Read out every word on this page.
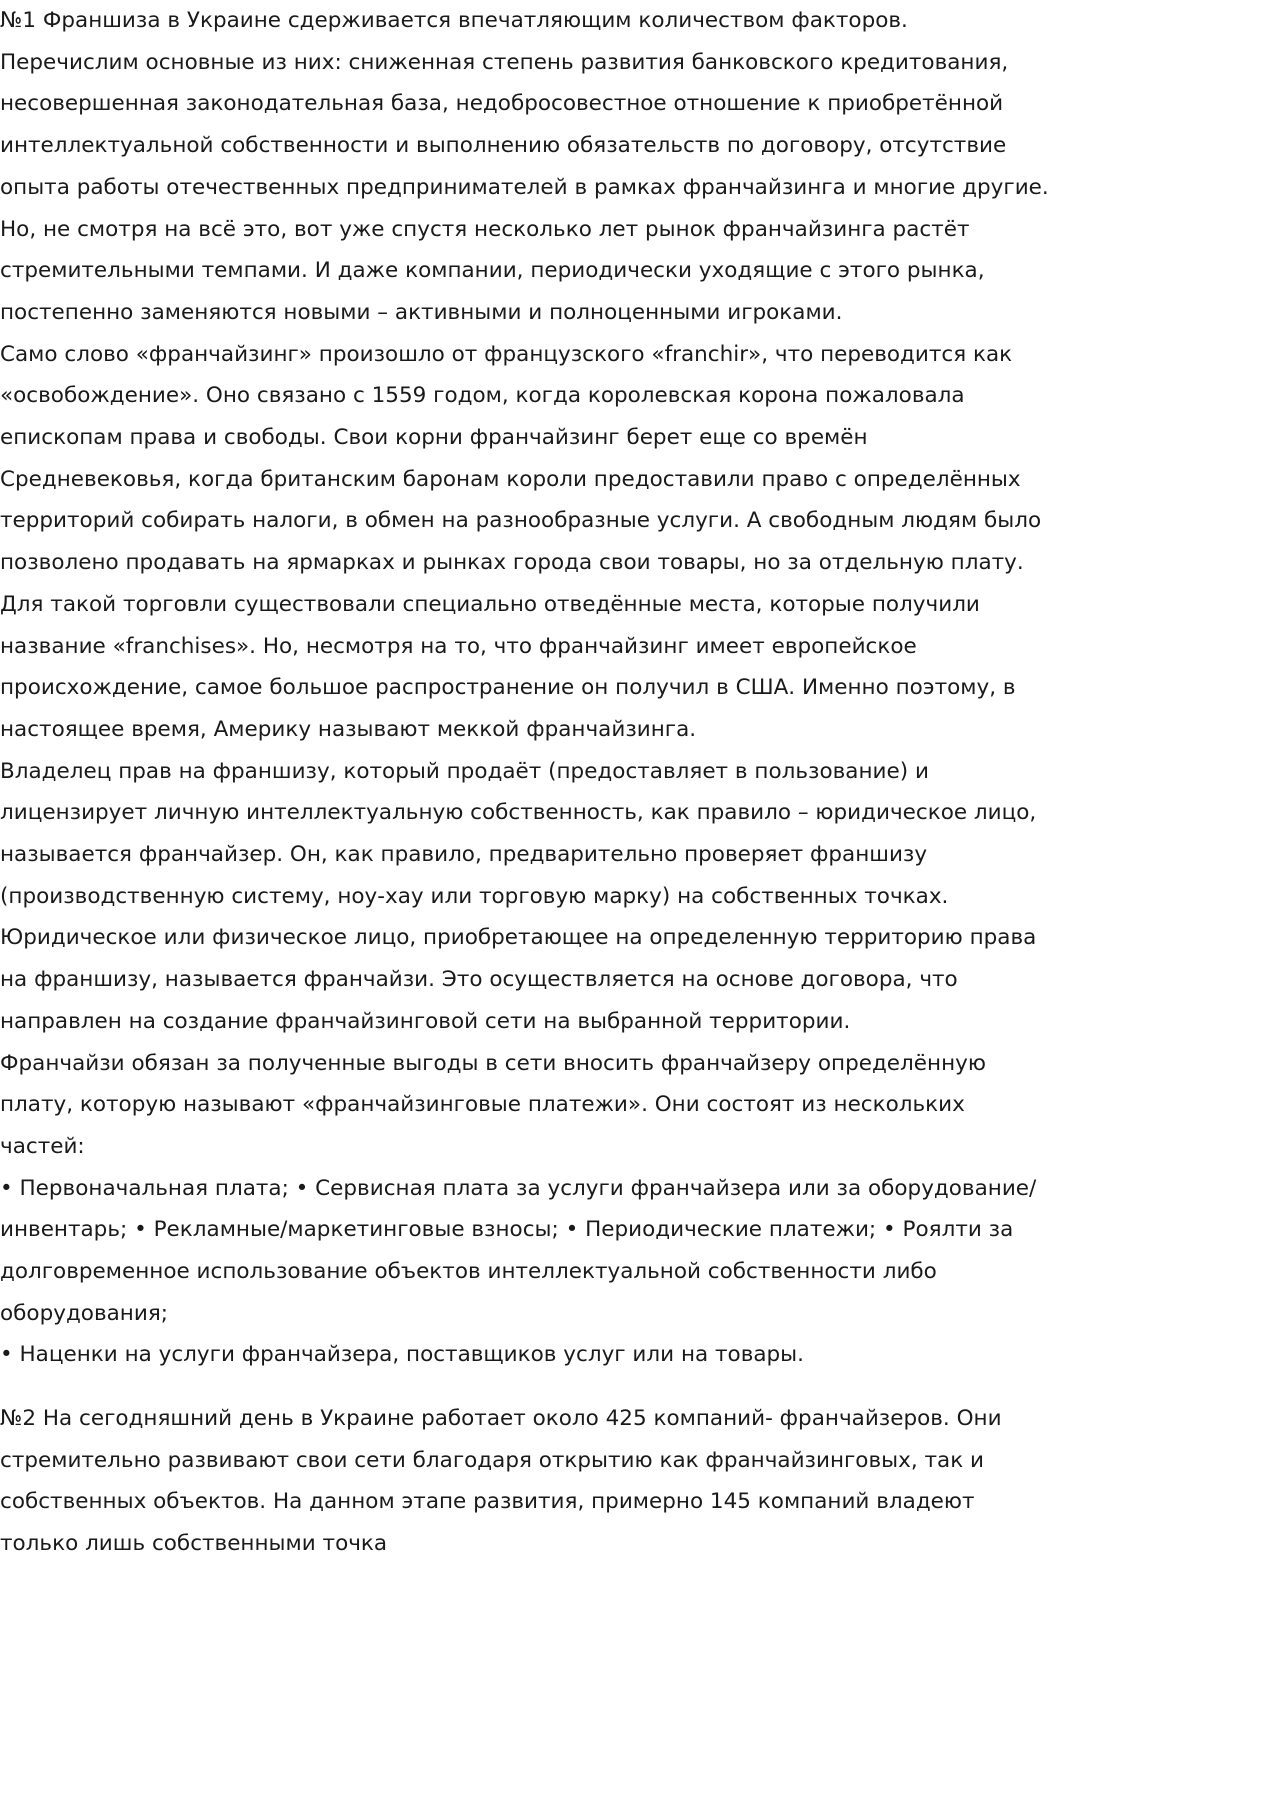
№1 Франшиза в Украине сдерживается впечатляющим количеством факторов.

Перечислим основные из них: сниженная степень развития банковского кредитования,

несовершенная законодательная база, недобросовестное отношение к приобретённой

интеллектуальной собственности и выполнению обязательств по договору, отсутствие

опыта работы отечественных предпринимателей в рамках франчайзинга и многие другие.

Но, не смотря на всё это, вот уже спустя несколько лет рынок франчайзинга растёт

стремительными темпами. И даже компании, периодически уходящие с этого рынка,

постепенно заменяются новыми – активными и полноценными игроками.

Само слово «франчайзинг» произошло от французского «franchir», что переводится как

«освобождение». Оно связано с 1559 годом, когда королевская корона пожаловала

епископам права и свободы. Свои корни франчайзинг берет еще со времён

Средневековья, когда британским баронам короли предоставили право с определённых

территорий собирать налоги, в обмен на разнообразные услуги. А свободным людям было

позволено продавать на ярмарках и рынках города свои товары, но за отдельную плату.

Для такой торговли существовали специально отведённые места, которые получили

название «franchises». Но, несмотря на то, что франчайзинг имеет европейское

происхождение, самое большое распространение он получил в США. Именно поэтому, в

настоящее время, Америку называют меккой франчайзинга.

Владелец прав на франшизу, который продаёт (предоставляет в пользование) и

лицензирует личную интеллектуальную собственность, как правило – юридическое лицо,

называется франчайзер. Он, как правило, предварительно проверяет франшизу

(производственную систему, ноу-хау или торговую марку) на собственных точках.

Юридическое или физическое лицо, приобретающее на определенную территорию права

на франшизу, называется франчайзи. Это осуществляется на основе договора, что

направлен на создание франчайзинговой сети на выбранной территории.

Франчайзи обязан за полученные выгоды в сети вносить франчайзеру определённую

плату, которую называют «франчайзинговые платежи». Они состоят из нескольких

частей:

• Первоначальная плата; • Сервисная плата за услуги франчайзера или за оборудование/

инвентарь; • Рекламные/маркетинговые взносы; • Периодические платежи; • Роялти за

долговременное использование объектов интеллектуальной собственности либо

оборудования;

• Наценки на услуги франчайзера, поставщиков услуг или на товары.

№2 На сегодняшний день в Украине работает около 425 компаний- франчайзеров. Они

стремительно развивают свои сети благодаря открытию как франчайзинговых, так и

собственных объектов. На данном этапе развития, примерно 145 компаний владеют

только лишь собственными точка
